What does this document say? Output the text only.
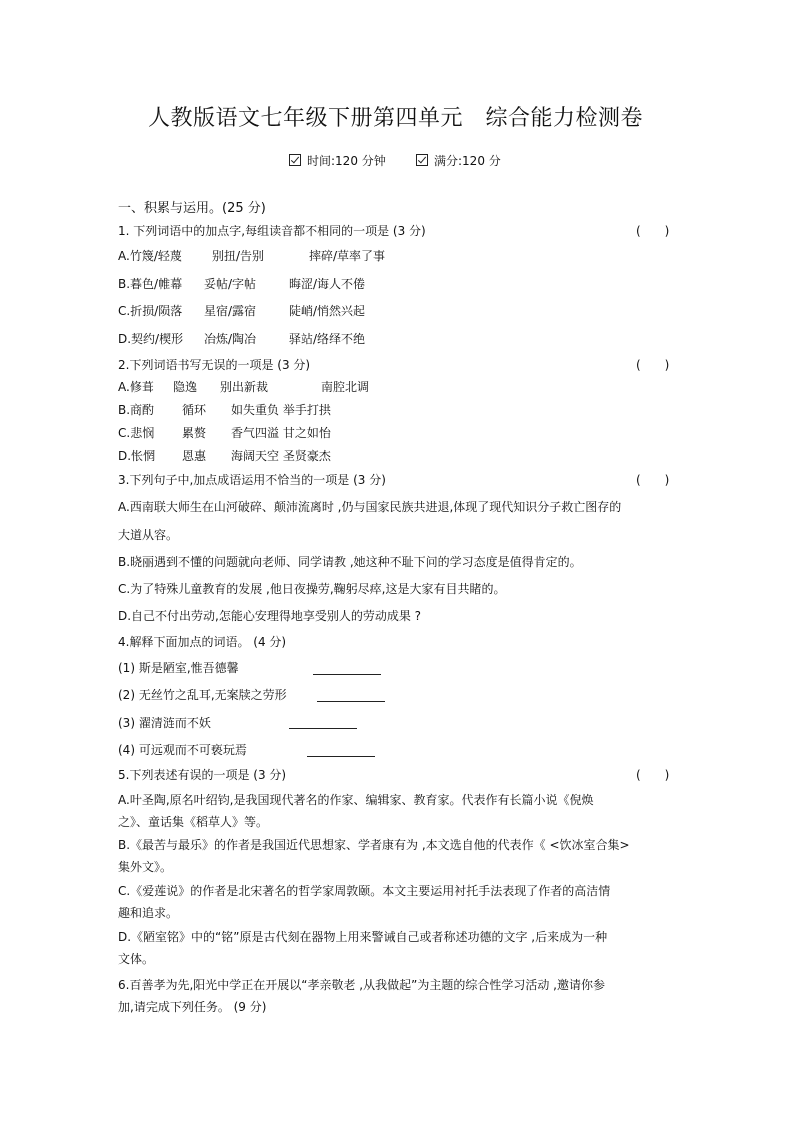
人教版语文七年级下册第四单元　综合能力检测卷
时间:120 分钟	满分:120 分
一、积累与运用。(25 分)
1. 下列词语中的加点字,每组读音都不相同的一项是 (3 分)	(　　)
A.竹篾/轻蔑	别扭/告别	摔碎/草率了事
B.暮色/帷幕 妥帖/字帖	晦涩/诲人不倦
C.折损/陨落 星宿/露宿	陡峭/悄然兴起
D.契约/楔形 冶炼/陶冶	驿站/络绎不绝
2.下列词语书写无误的一项是 (3 分)	(　　)
A.修葺 隐逸 别出新裁	南腔北调
B.商酌 循环 如失重负 举手打拱
C.悲悯 累赘 香气四溢 甘之如怡
D.怅惘 恩惠 海阔天空 圣贤豪杰
3.下列句子中,加点成语运用不恰当的一项是 (3 分)	(　　)
A.西南联大师生在山河破碎、颠沛流离时 ,仍与国家民族共进退,体现了现代知识分子救亡图存的
大道从容。
B.晓丽遇到不懂的问题就向老师、同学请教 ,她这种不耻下问的学习态度是值得肯定的。
C.为了特殊儿童教育的发展 ,他日夜操劳,鞠躬尽瘁,这是大家有目共睹的。
D.自己不付出劳动,怎能心安理得地享受别人的劳动成果 ?
4.解释下面加点的词语。 (4 分)
(1) 斯是陋室,惟吾德馨
(2) 无丝竹之乱耳,无案牍之劳形
(3) 濯清涟而不妖
(4) 可远观而不可亵玩焉
5.下列表述有误的一项是 (3 分)	(　　)
A.叶圣陶,原名叶绍钧,是我国现代著名的作家、编辑家、教育家。代表作有长篇小说《倪焕
之》、童话集《稻草人》等。
B.《最苦与最乐》的作者是我国近代思想家、学者康有为 ,本文选自他的代表作《 <饮冰室合集>
集外文》。
C.《爱莲说》的作者是北宋著名的哲学家周敦颐。本文主要运用衬托手法表现了作者的高洁情
趣和追求。
D.《陋室铭》中的“铭”原是古代刻在器物上用来警诫自己或者称述功德的文字 ,后来成为一种
文体。
6.百善孝为先,阳光中学正在开展以“孝亲敬老 ,从我做起”为主题的综合性学习活动 ,邀请你参
加,请完成下列任务。 (9 分)
